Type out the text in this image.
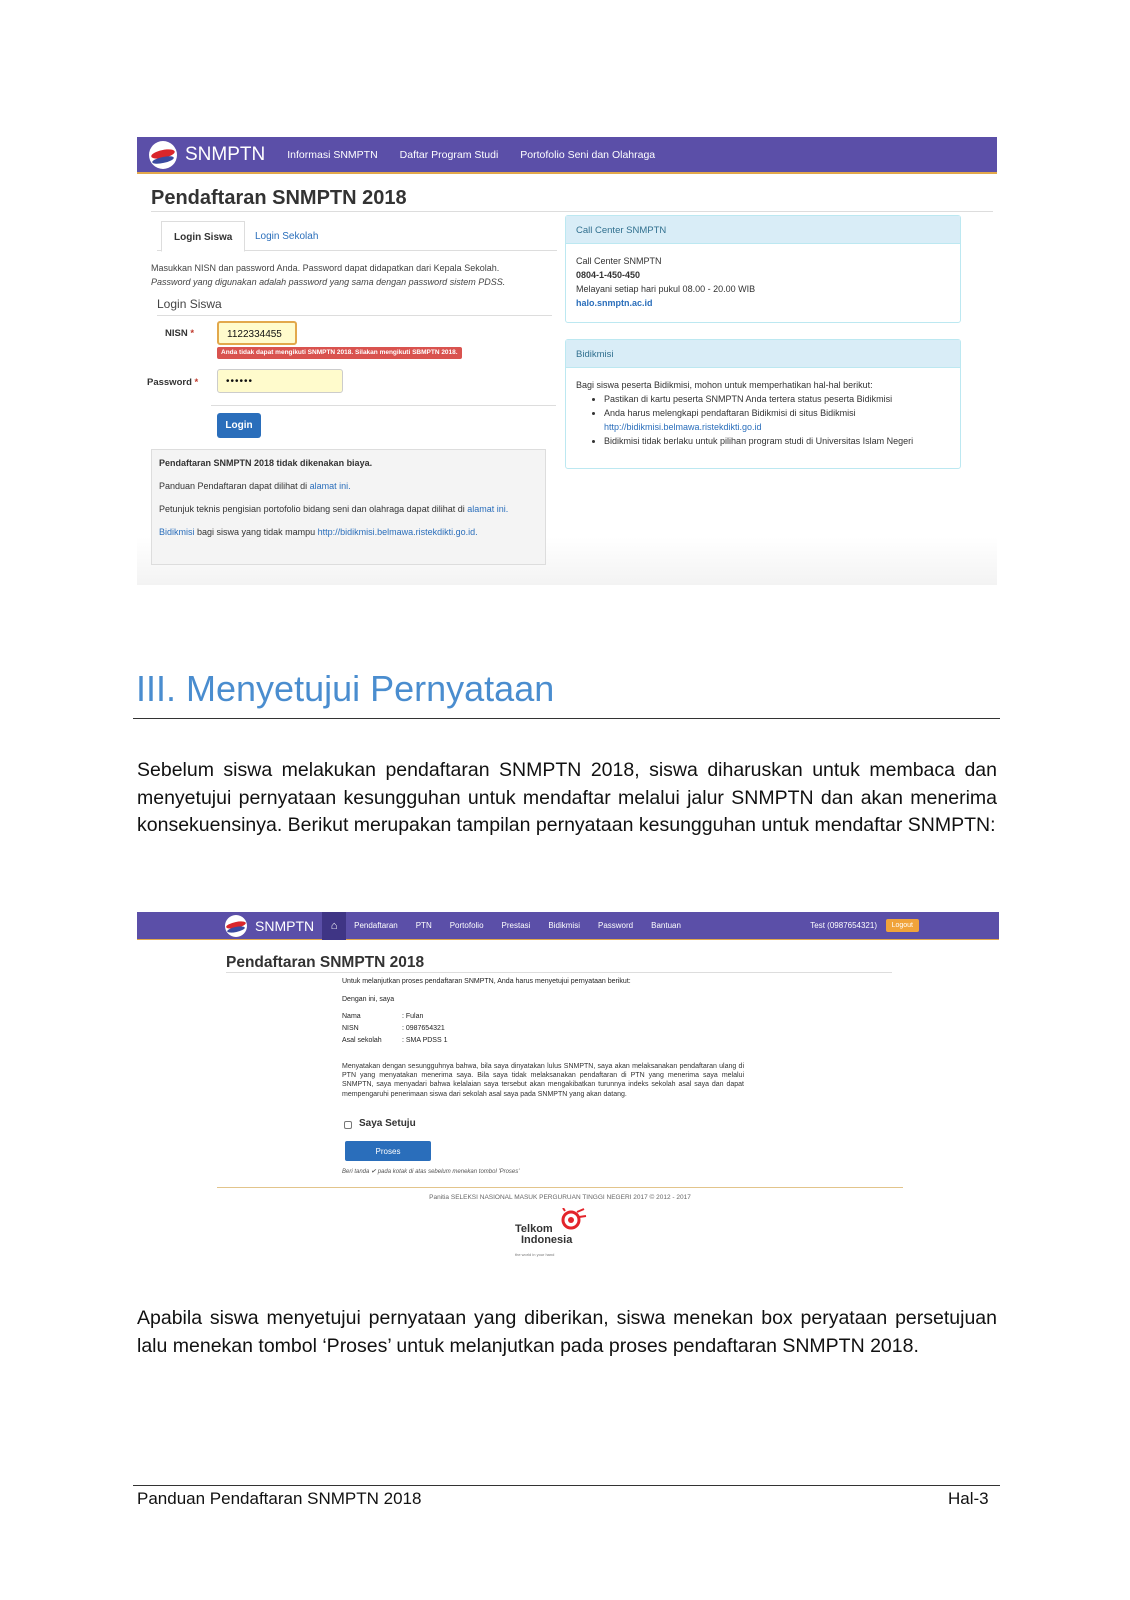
SNMPTN Informasi SNMPTN Daftar Program Studi Portofolio Seni dan Olahraga
Pendaftaran SNMPTN 2018
Login Siswa	Login Sekolah
Masukkan NISN dan password Anda. Password dapat didapatkan dari Kepala Sekolah.
Password yang digunakan adalah password yang sama dengan password sistem PDSS.
Login Siswa
NISN *	1122334455
Anda tidak dapat mengikuti SNMPTN 2018. Silakan mengikuti SBMPTN 2018.
Password *	••••••
Login

Pendaftaran SNMPTN 2018 tidak dikenakan biaya.

Panduan Pendaftaran dapat dilihat di alamat ini.

Petunjuk teknis pengisian portofolio bidang seni dan olahraga dapat dilihat di alamat ini.

Bidikmisi bagi siswa yang tidak mampu http://bidikmisi.belmawa.ristekdikti.go.id.

Call Center SNMPTN
Call Center SNMPTN
0804-1-450-450
Melayani setiap hari pukul 08.00 - 20.00 WIB
halo.snmptn.ac.id
Bidikmisi
Bagi siswa peserta Bidikmisi, mohon untuk memperhatikan hal-hal berikut:
• Pastikan di kartu peserta SNMPTN Anda tertera status peserta Bidikmisi
• Anda harus melengkapi pendaftaran Bidikmisi di situs Bidikmisi
http://bidikmisi.belmawa.ristekdikti.go.id
• Bidikmisi tidak berlaku untuk pilihan program studi di Universitas Islam Negeri
III. Menyetujui Pernyataan
Sebelum siswa melakukan pendaftaran SNMPTN 2018, siswa diharuskan untuk membaca dan menyetujui pernyataan kesungguhan untuk mendaftar melalui jalur SNMPTN dan akan menerima konsekuensinya. Berikut merupakan tampilan pernyataan kesungguhan untuk mendaftar SNMPTN:
SNMPTN	⌂	Pendaftaran PTN Portofolio Prestasi Bidikmisi Password Bantuan	Test (0987654321)	Logout
Pendaftaran SNMPTN 2018
Untuk melanjutkan proses pendaftaran SNMPTN, Anda harus menyetujui pernyataan berikut:
Dengan ini, saya
Nama	: Fulan
NISN	: 0987654321
Asal sekolah	: SMA PDSS 1
Menyatakan dengan sesungguhnya bahwa, bila saya dinyatakan lulus SNMPTN, saya akan melaksanakan pendaftaran ulang di PTN yang menyatakan menerima saya. Bila saya tidak melaksanakan pendaftaran di PTN yang menerima saya melalui SNMPTN, saya menyadari bahwa kelalaian saya tersebut akan mengakibatkan turunnya indeks sekolah asal saya dan dapat mempengaruhi penerimaan siswa dari sekolah asal saya pada SNMPTN yang akan datang.
Saya Setuju
Proses
Beri tanda ✔ pada kotak di atas sebelum menekan tombol 'Proses'
Panitia SELEKSI NASIONAL MASUK PERGURUAN TINGGI NEGERI 2017 © 2012 - 2017
Telkom
Indonesia
the world in your hand
Apabila siswa menyetujui pernyataan yang diberikan, siswa menekan box peryataan persetujuan lalu menekan tombol ‘Proses’ untuk melanjutkan pada proses pendaftaran SNMPTN 2018.
Panduan Pendaftaran SNMPTN 2018	Hal-3
